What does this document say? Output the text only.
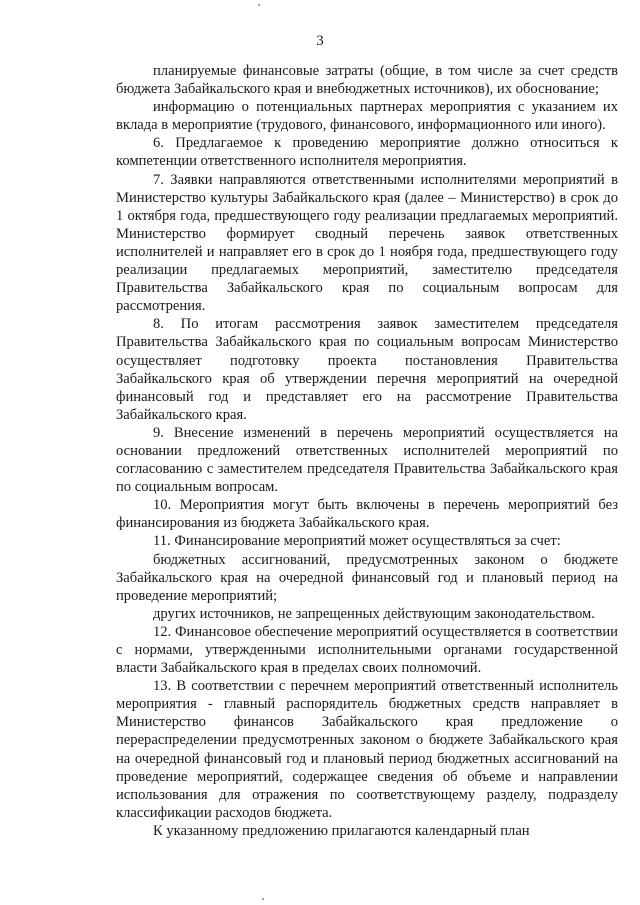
3

планируемые финансовые затраты (общие, в том числе за счет средств бюджета Забайкальского края и внебюджетных источников), их обоснование;

информацию о потенциальных партнерах мероприятия с указанием их вклада в мероприятие (трудового, финансового, информационного или иного).

6. Предлагаемое к проведению мероприятие должно относиться к компетенции ответственного исполнителя мероприятия.

7. Заявки направляются ответственными исполнителями мероприятий в Министерство культуры Забайкальского края (далее – Министерство) в срок до 1 октября года, предшествующего году реализации предлагаемых мероприятий. Министерство формирует сводный перечень заявок ответственных исполнителей и направляет его в срок до 1 ноября года, предшествующего году реализации предлагаемых мероприятий, заместителю председателя Правительства Забайкальского края по социальным вопросам для рассмотрения.

8. По итогам рассмотрения заявок заместителем председателя Правительства Забайкальского края по социальным вопросам Министерство осуществляет подготовку проекта постановления Правительства Забайкальского края об утверждении перечня мероприятий на очередной финансовый год и представляет его на рассмотрение Правительства Забайкальского края.

9. Внесение изменений в перечень мероприятий осуществляется на основании предложений ответственных исполнителей мероприятий по согласованию с заместителем председателя Правительства Забайкальского края по социальным вопросам.

10. Мероприятия могут быть включены в перечень мероприятий без финансирования из бюджета Забайкальского края.

11. Финансирование мероприятий может осуществляться за счет:

бюджетных ассигнований, предусмотренных законом о бюджете Забайкальского края на очередной финансовый год и плановый период на проведение мероприятий;

других источников, не запрещенных действующим законодательством.

12. Финансовое обеспечение мероприятий осуществляется в соответствии с нормами, утвержденными исполнительными органами государственной власти Забайкальского края в пределах своих полномочий.

13. В соответствии с перечнем мероприятий ответственный исполнитель мероприятия - главный распорядитель бюджетных средств направляет в Министерство финансов Забайкальского края предложение о перераспределении предусмотренных законом о бюджете Забайкальского края на очередной финансовый год и плановый период бюджетных ассигнований на проведение мероприятий, содержащее сведения об объеме и направлении использования для отражения по соответствующему разделу, подразделу классификации расходов бюджета.

К указанному предложению прилагаются календарный план
